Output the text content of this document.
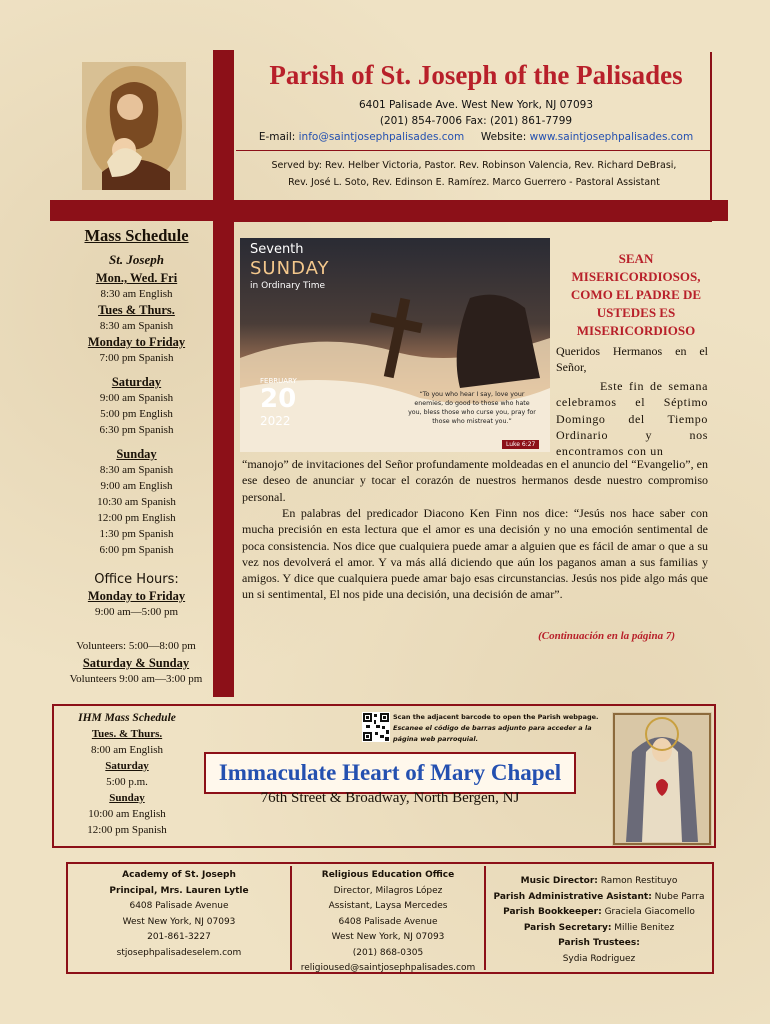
Parish of St. Joseph of the Palisades
6401 Palisade Ave. West New York, NJ 07093
(201) 854-7006 Fax: (201) 861-7799
E-mail: info@saintjosephpalisades.com Website: www.saintjosephpalisades.com
Served by: Rev. Helber Victoria, Pastor. Rev. Robinson Valencia, Rev. Richard DeBrasi,
Rev. José L. Soto, Rev. Edinson E. Ramírez. Marco Guerrero - Pastoral Assistant
Mass Schedule
St. Joseph
Mon., Wed. Fri
8:30 am English
Tues & Thurs.
8:30 am Spanish
Monday to Friday
7:00 pm Spanish
Saturday
9:00 am Spanish
5:00 pm English
6:30 pm Spanish
Sunday
8:30 am Spanish
9:00 am English
10:30 am Spanish
12:00 pm English
1:30 pm Spanish
6:00 pm Spanish
Office Hours:
Monday to Friday
9:00 am—5:00 pm
Volunteers: 5:00—8:00 pm
Saturday & Sunday
Volunteers 9:00 am—3:00 pm
Seventh
SUNDAY
in Ordinary Time
FEBRUARY
20
2022
“To you who hear I say, love your enemies, do good to those who hate you, bless those who curse you, pray for those who mistreat you.”
Luke 6:27
SEAN MISERICORDIOSOS, COMO EL PADRE DE USTEDES ES MISERICORDIOSO
Queridos Hermanos en el Señor,
Este fin de semana celebramos el Séptimo Domingo del Tiempo Ordinario y nos encontramos con un
“manojo” de invitaciones del Señor profundamente moldeadas en el anuncio del “Evangelio”, en ese deseo de anunciar y tocar el corazón de nuestros hermanos desde nuestro compromiso personal.
En palabras del predicador Diacono Ken Finn nos dice: “Jesús nos hace saber con mucha precisión en esta lectura que el amor es una decisión y no una emoción sentimental de poca consistencia. Nos dice que cualquiera puede amar a alguien que es fácil de amar o que a su vez nos devolverá el amor. Y va más allá diciendo que aún los paganos aman a sus familias y amigos. Y dice que cualquiera puede amar bajo esas circunstancias. Jesús nos pide algo más que un si sentimental, El nos pide una decisión, una decisión de amar”.
(Continuación en la página 7)
IHM Mass Schedule
Tues. & Thurs.
8:00 am English
Saturday
5:00 p.m.
Sunday
10:00 am English
12:00 pm Spanish
Scan the adjacent barcode to open the Parish webpage.
Escanee el código de barras adjunto para acceder a la página web parroquial.
Immaculate Heart of Mary Chapel
76th Street & Broadway, North Bergen, NJ
Academy of St. Joseph
Principal, Mrs. Lauren Lytle
6408 Palisade Avenue
West New York, NJ 07093
201-861-3227
stjosephpalisadeselem.com
Religious Education Office
Director, Milagros López
Assistant, Laysa Mercedes
6408 Palisade Avenue
West New York, NJ 07093
(201) 868-0305
religioused@saintjosephpalisades.com
Music Director: Ramon Restituyo
Parish Administrative Asistant: Nube Parra
Parish Bookkeeper: Graciela Giacomello
Parish Secretary: Millie Benitez
Parish Trustees:
Sydia Rodriguez
